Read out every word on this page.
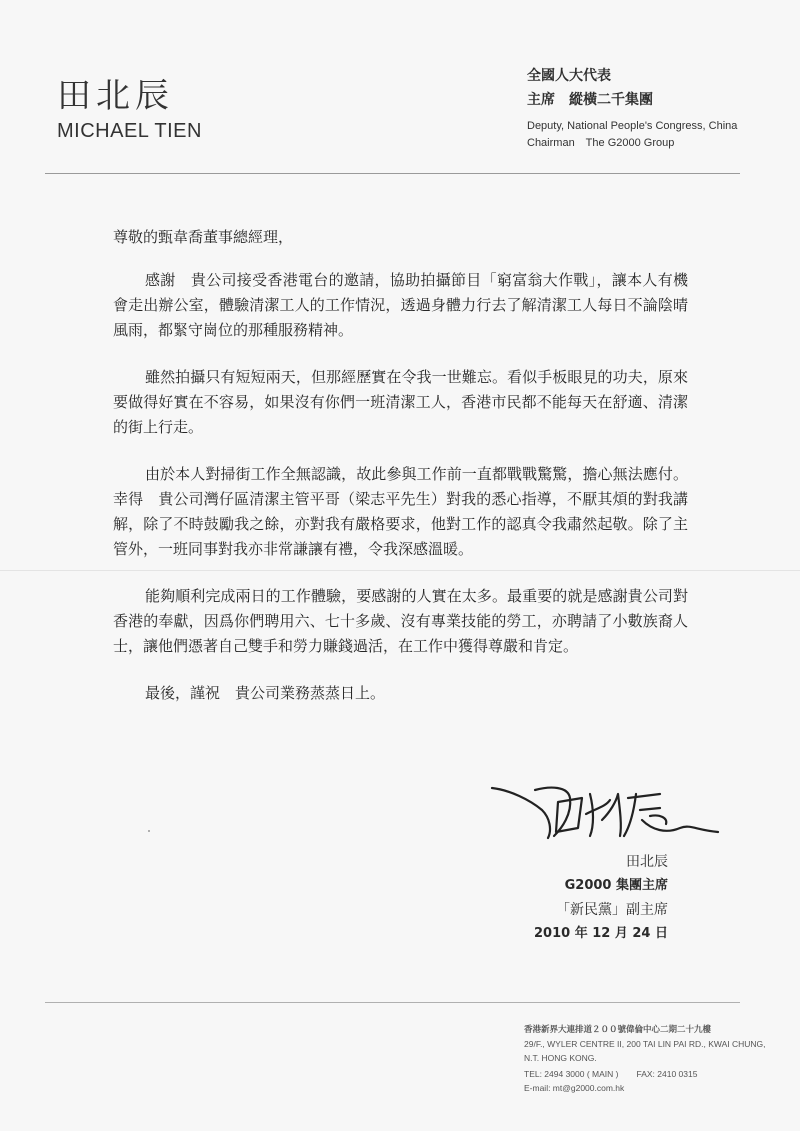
田北辰
MICHAEL TIEN
全國人大代表
主席　縱橫二千集團
Deputy, National People's Congress, China
Chairman　The G2000 Group

尊敬的甄韋喬董事總經理，

感謝　貴公司接受香港電台的邀請，協助拍攝節目「窮富翁大作戰」，讓本人有機會走出辦公室，體驗清潔工人的工作情況，透過身體力行去了解清潔工人每日不論陰晴風雨，都緊守崗位的那種服務精神。

雖然拍攝只有短短兩天，但那經歷實在令我一世難忘。看似手板眼見的功夫，原來要做得好實在不容易，如果沒有你們一班清潔工人，香港市民都不能每天在舒適、清潔的街上行走。

由於本人對掃街工作全無認識，故此參與工作前一直都戰戰驚驚，擔心無法應付。幸得　貴公司灣仔區清潔主管平哥（梁志平先生）對我的悉心指導，不厭其煩的對我講解，除了不時鼓勵我之餘，亦對我有嚴格要求，他對工作的認真令我肅然起敬。除了主管外，一班同事對我亦非常謙讓有禮，令我深感溫暖。

能夠順利完成兩日的工作體驗，要感謝的人實在太多。最重要的就是感謝貴公司對香港的奉獻，因爲你們聘用六、七十多歲、沒有專業技能的勞工，亦聘請了小數族裔人士，讓他們憑著自己雙手和勞力賺錢過活，在工作中獲得尊嚴和肯定。

最後，謹祝　貴公司業務蒸蒸日上。

田北辰
G2000 集團主席
「新民黨」副主席
2010 年 12 月 24 日
香港新界大連排道２００號偉倫中心二期二十九樓
29/F., WYLER CENTRE II, 200 TAI LIN PAI RD., KWAI CHUNG,
N.T. HONG KONG.
TEL: 2494 3000 ( MAIN ) FAX: 2410 0315
E-mail: mt@g2000.com.hk
